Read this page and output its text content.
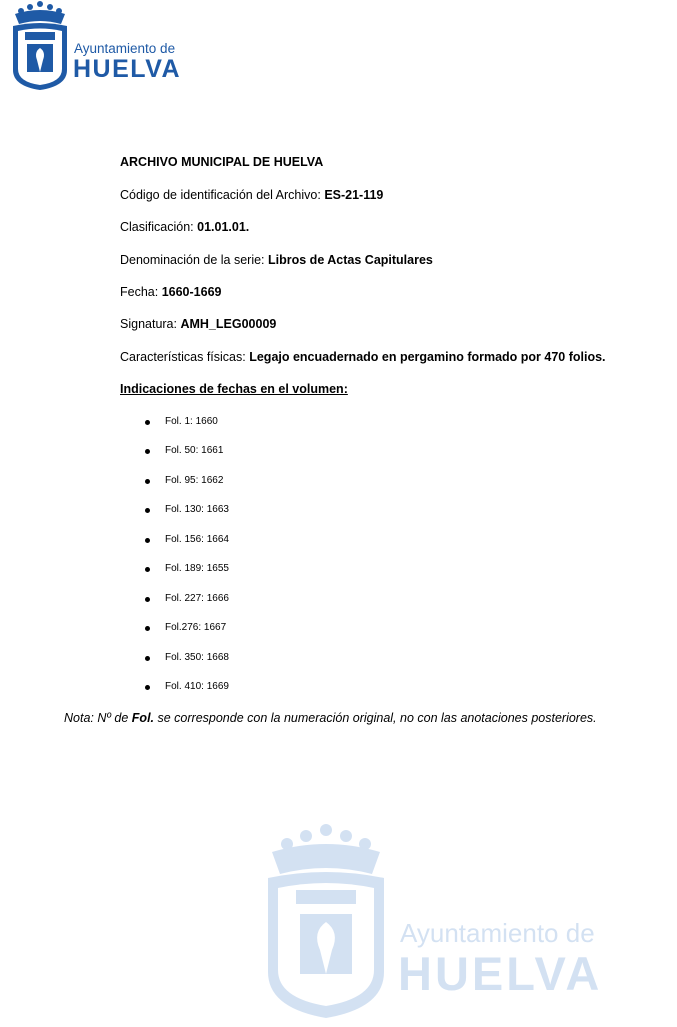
Ayuntamiento de
HUELVA
ARCHIVO MUNICIPAL DE HUELVA
Código de identificación del Archivo: ES-21-119
Clasificación: 01.01.01.
Denominación de la serie: Libros de Actas Capitulares
Fecha: 1660-1669
Signatura: AMH_LEG00009
Características físicas: Legajo encuadernado en pergamino formado por 470 folios.
Indicaciones de fechas en el volumen:
Fol. 1: 1660
Fol. 50: 1661
Fol. 95: 1662
Fol. 130: 1663
Fol. 156: 1664
Fol. 189: 1655
Fol. 227: 1666
Fol.276: 1667
Fol. 350: 1668
Fol. 410: 1669
Nota: Nº de Fol. se corresponde con la numeración original, no con las anotaciones posteriores.
Ayuntamiento de
HUELVA
